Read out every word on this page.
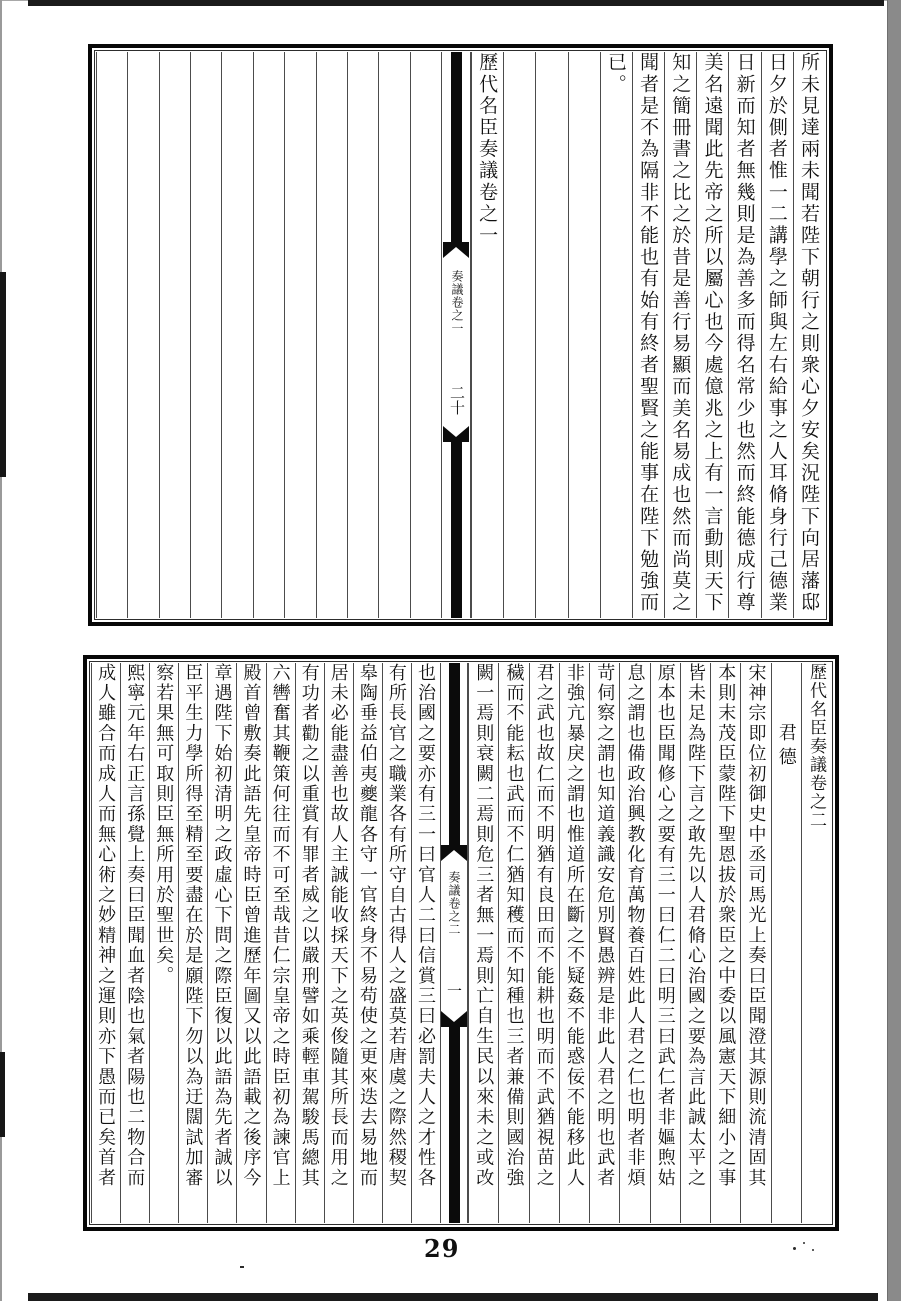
奏議卷之一
二十	所未見達兩未聞若陛下朝行之則衆心夕安矣況陛下向居藩邸
日夕於側者惟一二講學之師與左右給事之人耳脩身行己德業
日新而知者無幾則是為善多而得名常少也然而終能德成行尊
美名遠聞此先帝之所以屬心也今處億兆之上有一言動則天下
知之簡冊書之比之於昔是善行易顯而美名易成也然而尚莫之
聞者是不為隔非不能也有始有終者聖賢之能事在陛下勉強而
已。
歷代名臣奏議卷之一
也治國之要亦有三一曰官人二曰信賞三曰必罰夫人之才性各
有所長官之職業各有所守自古得人之盛莫若唐虞之際然稷契
皋陶垂益伯夷夔龍各守一官終身不易苟使之更來迭去易地而
居未必能盡善也故人主誠能收採天下之英俊隨其所長而用之
有功者勸之以重賞有罪者威之以嚴刑譬如乘輕車駕駿馬總其
六轡奮其鞭策何往而不可至哉昔仁宗皇帝之時臣初為諫官上
殿首曾敷奏此語先皇帝時臣曾進歷年圖又以此語載之後序今
章遇陛下始初清明之政虛心下問之際臣復以此語為先者誠以
臣平生力學所得至精至要盡在於是願陛下勿以為迂闊試加審
察若果無可取則臣無所用於聖世矣。
熙寧元年右正言孫覺上奏曰臣聞血者陰也氣者陽也二物合而
成人雖合而成人而無心術之妙精神之運則亦下愚而已矣首者	奏議卷之二
一
歷代名臣奏議卷之二
君德
宋神宗即位初御史中丞司馬光上奏曰臣聞澄其源則流清固其
本則末茂臣蒙陛下聖恩拔於衆臣之中委以風憲天下細小之事
皆未足為陛下言之敢先以人君脩心治國之要為言此誠太平之
原本也臣聞修心之要有三一曰仁二曰明三曰武仁者非嫗煦姑
息之謂也備政治興教化育萬物養百姓此人君之仁也明者非煩
苛伺察之謂也知道義識安危別賢愚辨是非此人君之明也武者
非強亢暴戾之謂也惟道所在斷之不疑姦不能惑佞不能移此人
君之武也故仁而不明猶有良田而不能耕也明而不武猶視苗之
穢而不能耘也武而不仁猶知穫而不知種也三者兼備則國治強
闕一焉則衰闕二焉則危三者無一焉則亡自生民以來未之或改
29
